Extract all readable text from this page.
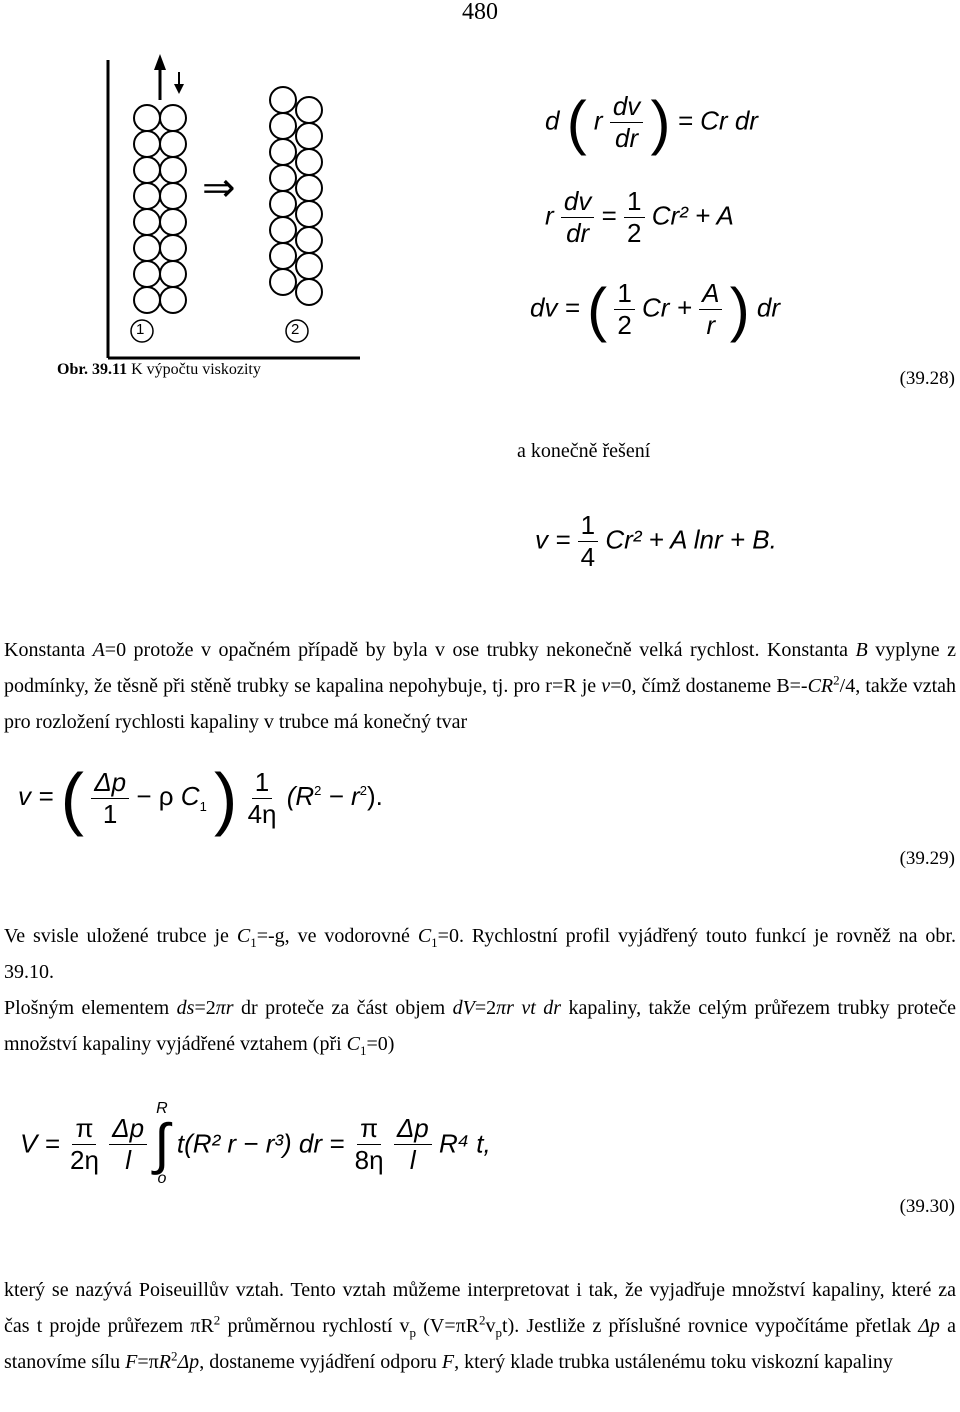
480
⇒
1	2
Obr. 39.11 K výpočtu viskozity
d ( r $\frac{dv}{dr}$ ) = Cr dr
r $\frac{dv}{dr} = \frac{1}{2} Cr^2 + A$
dv = ( $\frac{1}{2}$ $Cr + \frac{A}{r}$ ) dr
(39.28)
a konečně řešení
$v = \frac{1}{4} Cr^2 + A$ lnr + B.
Konstanta A=0 protože v opačném případě by byla v ose trubky nekonečně velká rychlost. Konstanta B vyplyne z podmínky, že těsně při stěně trubky se kapalina nepohybuje, tj. pro r=R je v=0, čímž dostaneme $B=-CR^2/4$, takže vztah pro rozložení rychlosti kapaliny v trubce má konečný tvar
v = ( $\frac{\Delta p}{1} - \rho$ $C_1$ ) $\frac{1}{4\eta} (R^2 - r^2)$.
(39.29)
Ve svisle uložené trubce je $C_1=-g$, ve vodorovné $C_1=0$. Rychlostní profil vyjádřený touto funkcí je rovněž na obr. 39.10.
Plošným elementem ds=2πr dr proteče za část objem dV=2πr vt dr kapaliny, takže celým průřezem trubky proteče množství kapaliny vyjádřené vztahem (při $C_1=0$)
$V = \frac{\pi}{2\eta}$
$\frac{\Delta p}{l}$

R
∫
o
t(R² r − r³) dr = $\frac{\pi}{8\eta}$
$\frac{\Delta p}{l} R^4$ t,
(39.30)
který se nazývá Poiseuillův vztah. Tento vztah můžeme interpretovat i tak, že vyjadřuje množství kapaliny, které za čas t projde průřezem $\pi R^2$ průměrnou rychlostí $v_p$ $(V=\pi R^2v_pt)$. Jestliže z příslušné rovnice vypočítáme přetlak Δp a stanovíme sílu $F=\pi R^2\Delta p$, dostaneme vyjádření odporu F, který klade trubka ustálenému toku viskozní kapaliny
